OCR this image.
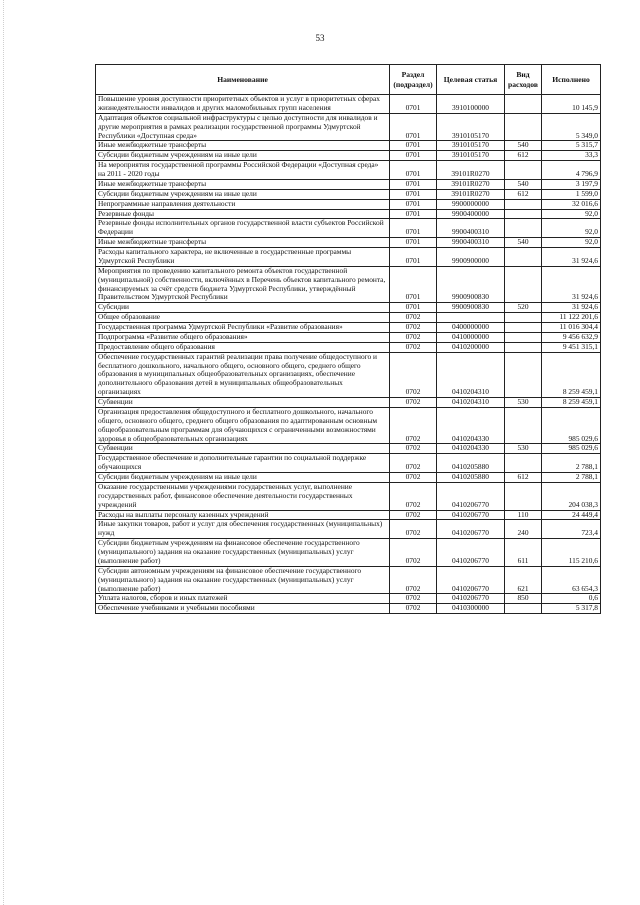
53
Наименование	Раздел (подраздел)	Целевая статья	Вид расходов	Исполнено
Повышение уровня доступности приоритетных объектов и услуг в приоритетных сферах жизнедеятельности инвалидов и других маломобильных групп населения	0701	3910100000		10 145,9
Адаптация объектов социальной инфраструктуры с целью доступности для инвалидов и другие мероприятия в рамках реализации государственной программы Удмуртской Республики «Доступная среда»	0701	3910105170		5 349,0
Иные межбюджетные трансферты	0701	3910105170	540	5 315,7
Субсидии бюджетным учреждениям на иные цели	0701	3910105170	612	33,3
На мероприятия государственной программы Российской Федерации «Доступная среда» на 2011 - 2020 годы	0701	39101R0270		4 796,9
Иные межбюджетные трансферты	0701	39101R0270	540	3 197,9
Субсидии бюджетным учреждениям на иные цели	0701	39101R0270	612	1 599,0
Непрограммные направления деятельности	0701	9900000000		32 016,6
Резервные фонды	0701	9900400000		92,0
Резервные фонды исполнительных органов государственной власти субъектов Российской Федерации	0701	9900400310		92,0
Иные межбюджетные трансферты	0701	9900400310	540	92,0
Расходы капитального характера, не включенные в государственные программы Удмуртской Республики	0701	9900900000		31 924,6
Мероприятия по проведению капитального ремонта объектов государственной (муниципальной) собственности, включённых в Перечень объектов капитального ремонта, финансируемых за счёт средств бюджета Удмуртской Республики, утверждённый Правительством Удмуртской Республики	0701	9900900830		31 924,6
Субсидии	0701	9900900830	520	31 924,6
Общее образование	0702			11 122 201,6
Государственная программа Удмуртской Республики «Развитие образования»	0702	0400000000		11 016 304,4
Подпрограмма «Развитие общего образования»	0702	0410000000		9 456 632,9
Предоставление общего образования	0702	0410200000		9 451 315,1
Обеспечение государственных гарантий реализации права получение общедоступного и бесплатного дошкольного, начального общего, основного общего, среднего общего образования в муниципальных общеобразовательных организациях, обеспечение дополнительного образования детей в муниципальных общеобразовательных организациях	0702	0410204310		8 259 459,1
Субвенции	0702	0410204310	530	8 259 459,1
Организация предоставления общедоступного и бесплатного дошкольного, начального общего, основного общего, среднего общего образования по адаптированным основным общеобразовательным программам для обучающихся с ограниченными возможностями здоровья в общеобразовательных организациях	0702	0410204330		985 029,6
Субвенции	0702	0410204330	530	985 029,6
Государственное обеспечение и дополнительные гарантии по социальной поддержке обучающихся	0702	0410205880		2 788,1
Субсидии бюджетным учреждениям на иные цели	0702	0410205880	612	2 788,1
Оказание государственными учреждениями государственных услуг, выполнение государственных работ, финансовое обеспечение деятельности государственных учреждений	0702	0410206770		204 038,3
Расходы на выплаты персоналу казенных учреждений	0702	0410206770	110	24 449,4
Иные закупки товаров, работ и услуг для обеспечения государственных (муниципальных) нужд	0702	0410206770	240	723,4
Субсидии бюджетным учреждениям на финансовое обеспечение государственного (муниципального) задания на оказание государственных (муниципальных) услуг (выполнение работ)	0702	0410206770	611	115 210,6
Субсидии автономным учреждениям на финансовое обеспечение государственного (муниципального) задания на оказание государственных (муниципальных) услуг (выполнение работ)	0702	0410206770	621	63 654,3
Уплата налогов, сборов и иных платежей	0702	0410206770	850	0,6
Обеспечение учебниками и учебными пособиями	0702	0410300000		5 317,8
